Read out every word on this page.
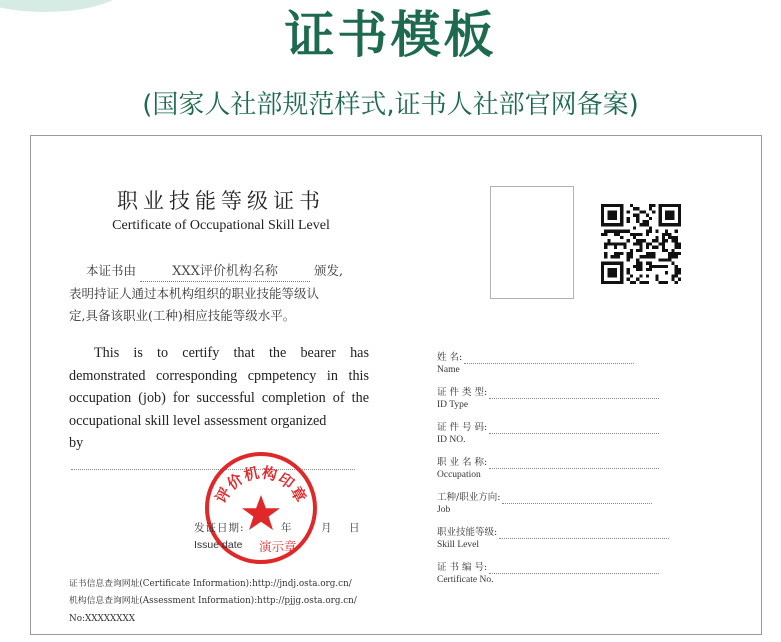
证书模板
(国家人社部规范样式,证书人社部官网备案)
职业技能等级证书
Certificate of Occupational Skill Level
本证书由	XXX评价机构名称	颁发,
表明持证人通过本机构组织的职业技能等级认
定,具备该职业(工种)相应技能等级水平。

This is to certify that the bearer has demonstrated corresponding cpmpetency in this occupation (job) for successful completion of the occupational skill level assessment organized

by
评价机构印章
发证日期:	年	月 日
Issue date 演示章
证书信息查询网址(Certificate Information):http://jndj.osta.org.cn/
机构信息查询网址(Assessment Information):http://pjjg.osta.org.cn/
No:XXXXXXXX
姓 名:
Name
证 件 类 型:
ID Type
证 件 号 码:
ID NO.
职 业 名 称:
Occupation
工种/职业方向:
Job
职业技能等级:
Skill Level
证 书 编 号:
Certificate No.
